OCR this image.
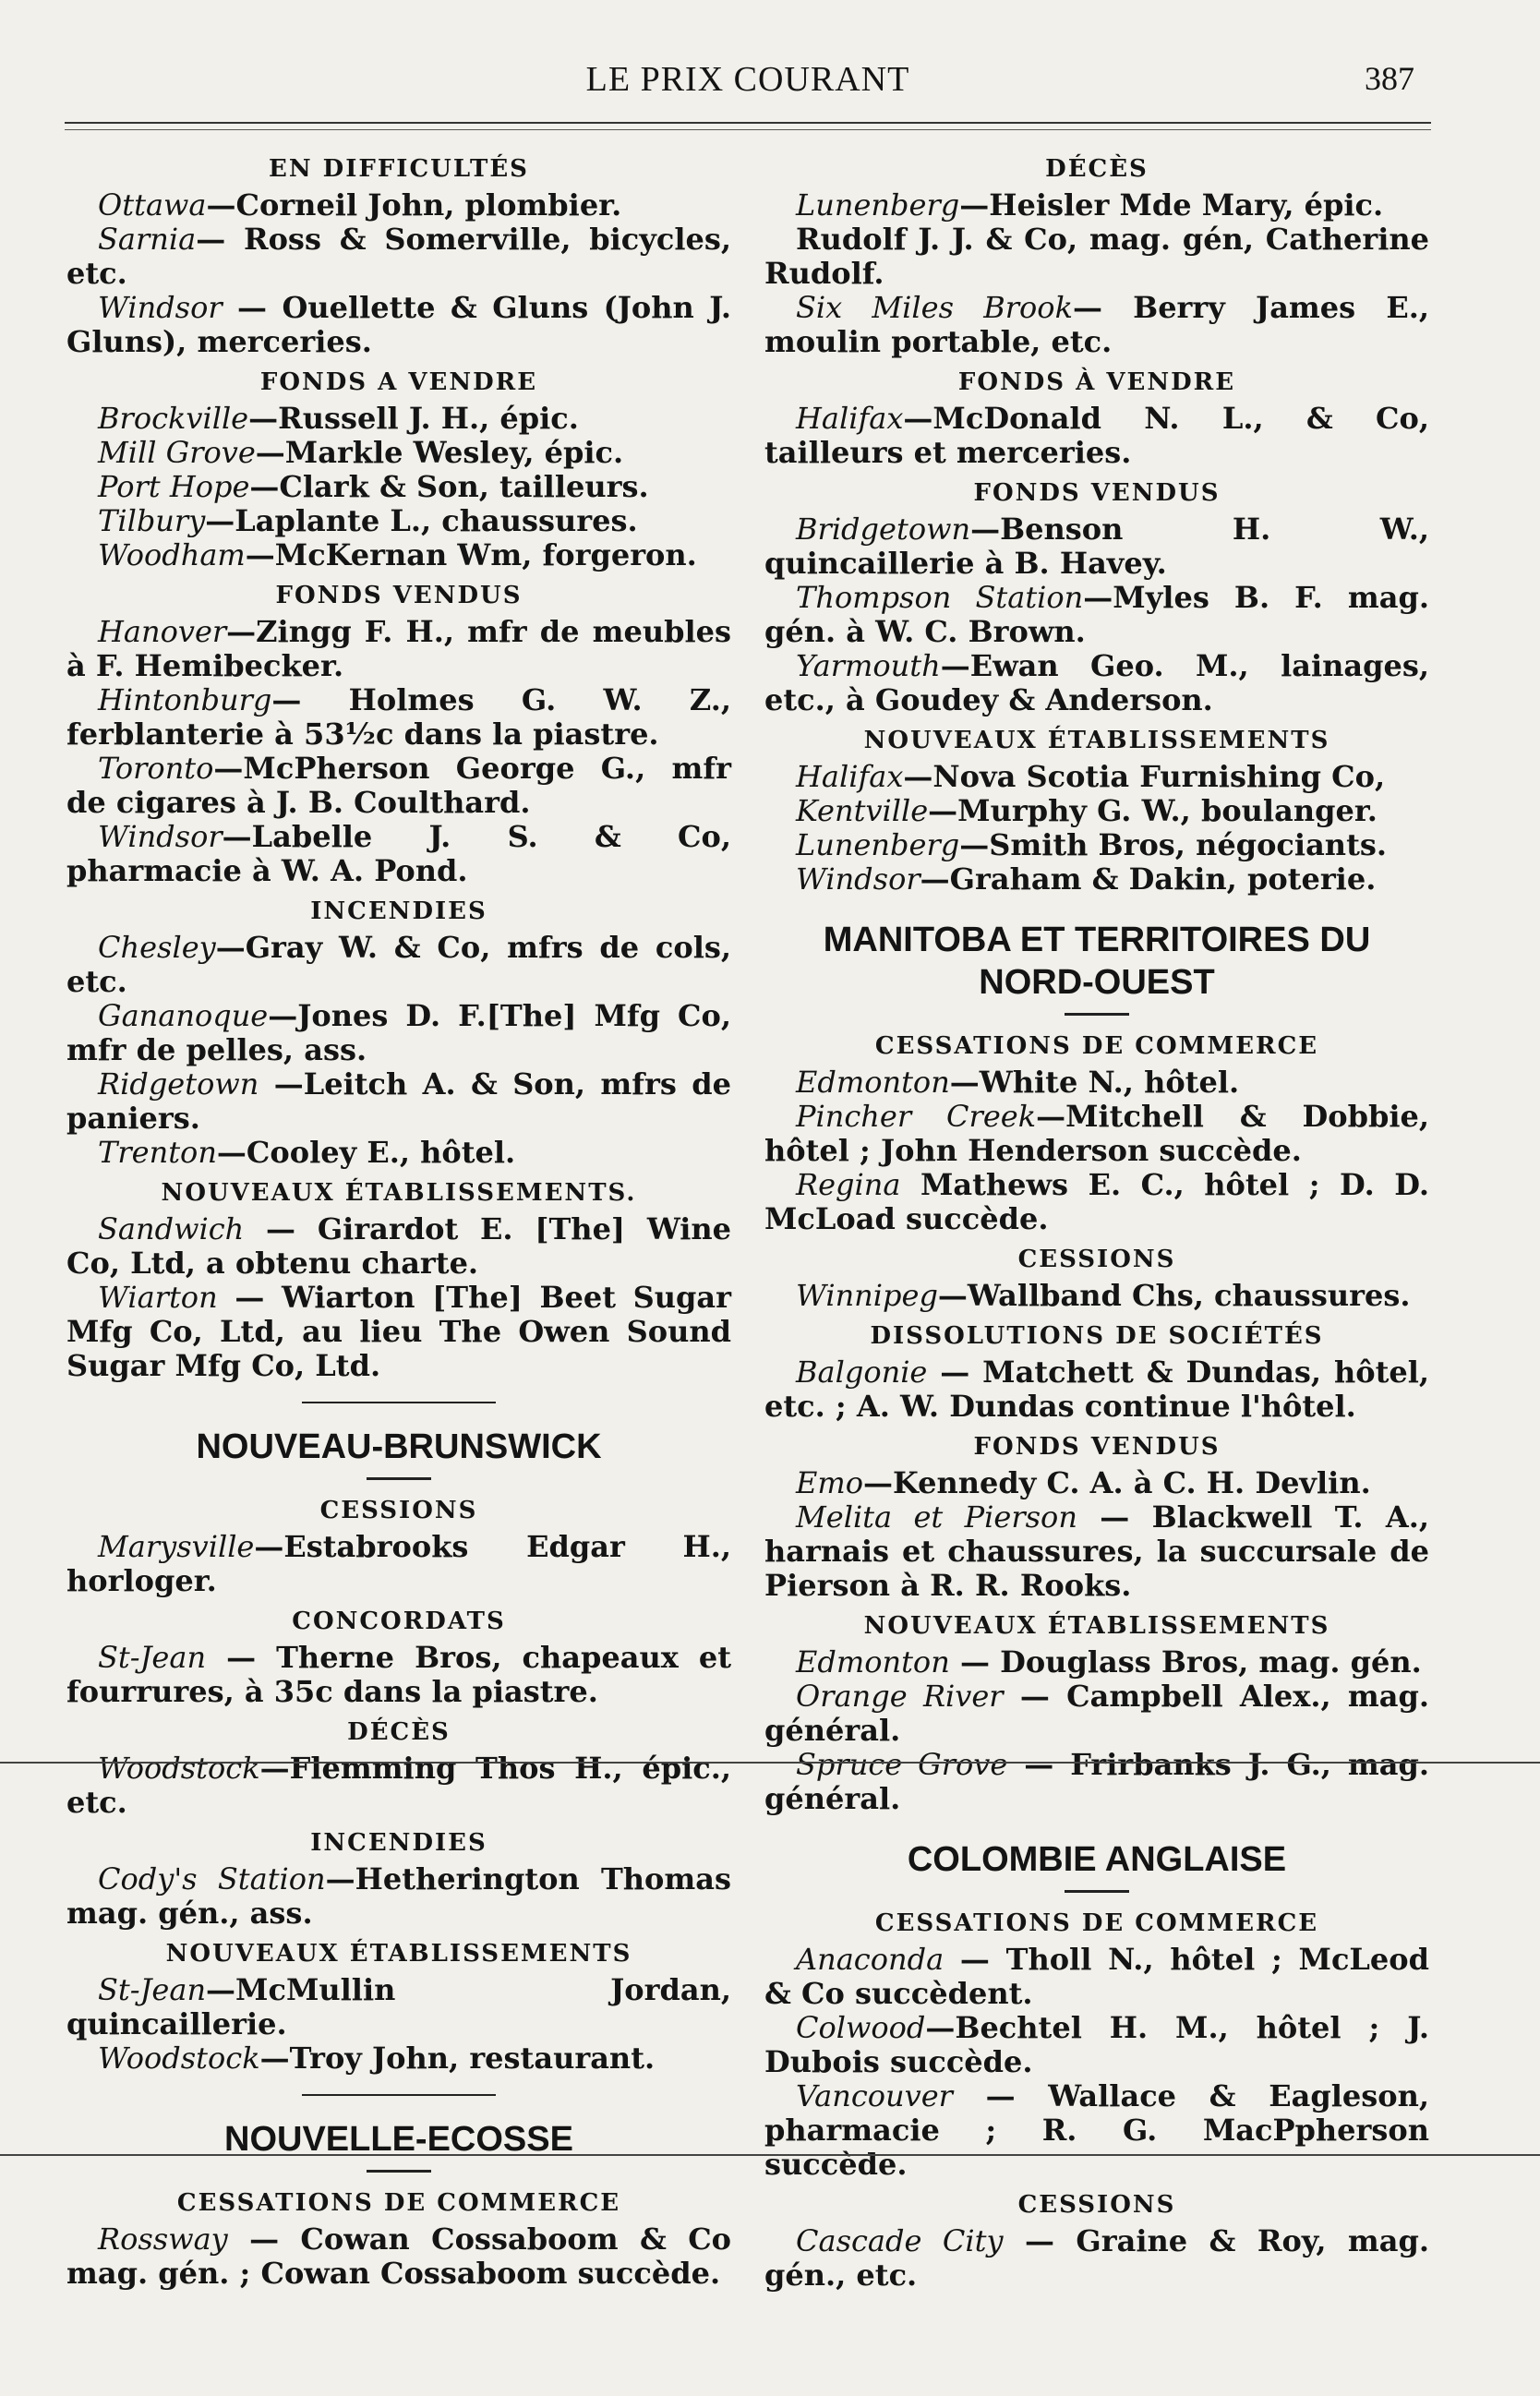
LE PRIX COURANT	387
EN DIFFICULTÉS

Ottawa—Corneil John, plombier.

Sarnia— Ross & Somerville, bicycles, etc.

Windsor — Ouellette & Gluns (John J. Gluns), merceries.

FONDS A VENDRE

Brockville—Russell J. H., épic.

Mill Grove—Markle Wesley, épic.

Port Hope—Clark & Son, tailleurs.

Tilbury—Laplante L., chaussures.

Woodham—McKernan Wm, forgeron.

FONDS VENDUS

Hanover—Zingg F. H., mfr de meubles à F. Hemibecker.

Hintonburg— Holmes G. W. Z., ferblanterie à 53½c dans la piastre.

Toronto—McPherson George G., mfr de cigares à J. B. Coulthard.

Windsor—Labelle J. S. & Co, pharmacie à W. A. Pond.

INCENDIES

Chesley—Gray W. & Co, mfrs de cols, etc.

Gananoque—Jones D. F.[The] Mfg Co, mfr de pelles, ass.

Ridgetown —Leitch A. & Son, mfrs de paniers.

Trenton—Cooley E., hôtel.

NOUVEAUX ÉTABLISSEMENTS.

Sandwich — Girardot E. [The] Wine Co, Ltd, a obtenu charte.

Wiarton — Wiarton [The] Beet Sugar Mfg Co, Ltd, au lieu The Owen Sound Sugar Mfg Co, Ltd.

NOUVEAU-BRUNSWICK
CESSIONS

Marysville—Estabrooks Edgar H., horloger.

CONCORDATS

St-Jean — Therne Bros, chapeaux et fourrures, à 35c dans la piastre.

DÉCÈS

Woodstock—Flemming Thos H., épic., etc.

INCENDIES

Cody's Station—Hetherington Thomas mag. gén., ass.

NOUVEAUX ÉTABLISSEMENTS

St-Jean—McMullin Jordan, quincaillerie.

Woodstock—Troy John, restaurant.

NOUVELLE-ECOSSE
CESSATIONS DE COMMERCE

Rossway — Cowan Cossaboom & Co mag. gén. ; Cowan Cossaboom succède.

DÉCÈS

Lunenberg—Heisler Mde Mary, épic.

Rudolf J. J. & Co, mag. gén, Catherine Rudolf.

Six Miles Brook— Berry James E., moulin portable, etc.

FONDS À VENDRE

Halifax—McDonald N. L., & Co, tailleurs et merceries.

FONDS VENDUS

Bridgetown—Benson H. W., quincaillerie à B. Havey.

Thompson Station—Myles B. F. mag. gén. à W. C. Brown.

Yarmouth—Ewan Geo. M., lainages, etc., à Goudey & Anderson.

NOUVEAUX ÉTABLISSEMENTS

Halifax—Nova Scotia Furnishing Co,

Kentville—Murphy G. W., boulanger.

Lunenberg—Smith Bros, négociants.

Windsor—Graham & Dakin, poterie.

MANITOBA ET TERRITOIRES DU NORD-OUEST
CESSATIONS DE COMMERCE

Edmonton—White N., hôtel.

Pincher Creek—Mitchell & Dobbie, hôtel ; John Henderson succède.

Regina Mathews E. C., hôtel ; D. D. McLoad succède.

CESSIONS

Winnipeg—Wallband Chs, chaussures.

DISSOLUTIONS DE SOCIÉTÉS

Balgonie — Matchett & Dundas, hôtel, etc. ; A. W. Dundas continue l'hôtel.

FONDS VENDUS

Emo—Kennedy C. A. à C. H. Devlin.

Melita et Pierson — Blackwell T. A., harnais et chaussures, la succursale de Pierson à R. R. Rooks.

NOUVEAUX ÉTABLISSEMENTS

Edmonton — Douglass Bros, mag. gén.

Orange River — Campbell Alex., mag. général.

Spruce Grove — Frirbanks J. G., mag. général.

COLOMBIE ANGLAISE
CESSATIONS DE COMMERCE

Anaconda — Tholl N., hôtel ; McLeod & Co succèdent.

Colwood—Bechtel H. M., hôtel ; J. Dubois succède.

Vancouver — Wallace & Eagleson, pharmacie ; R. G. MacPpherson succède.

CESSIONS

Cascade City — Graine & Roy, mag. gén., etc.
